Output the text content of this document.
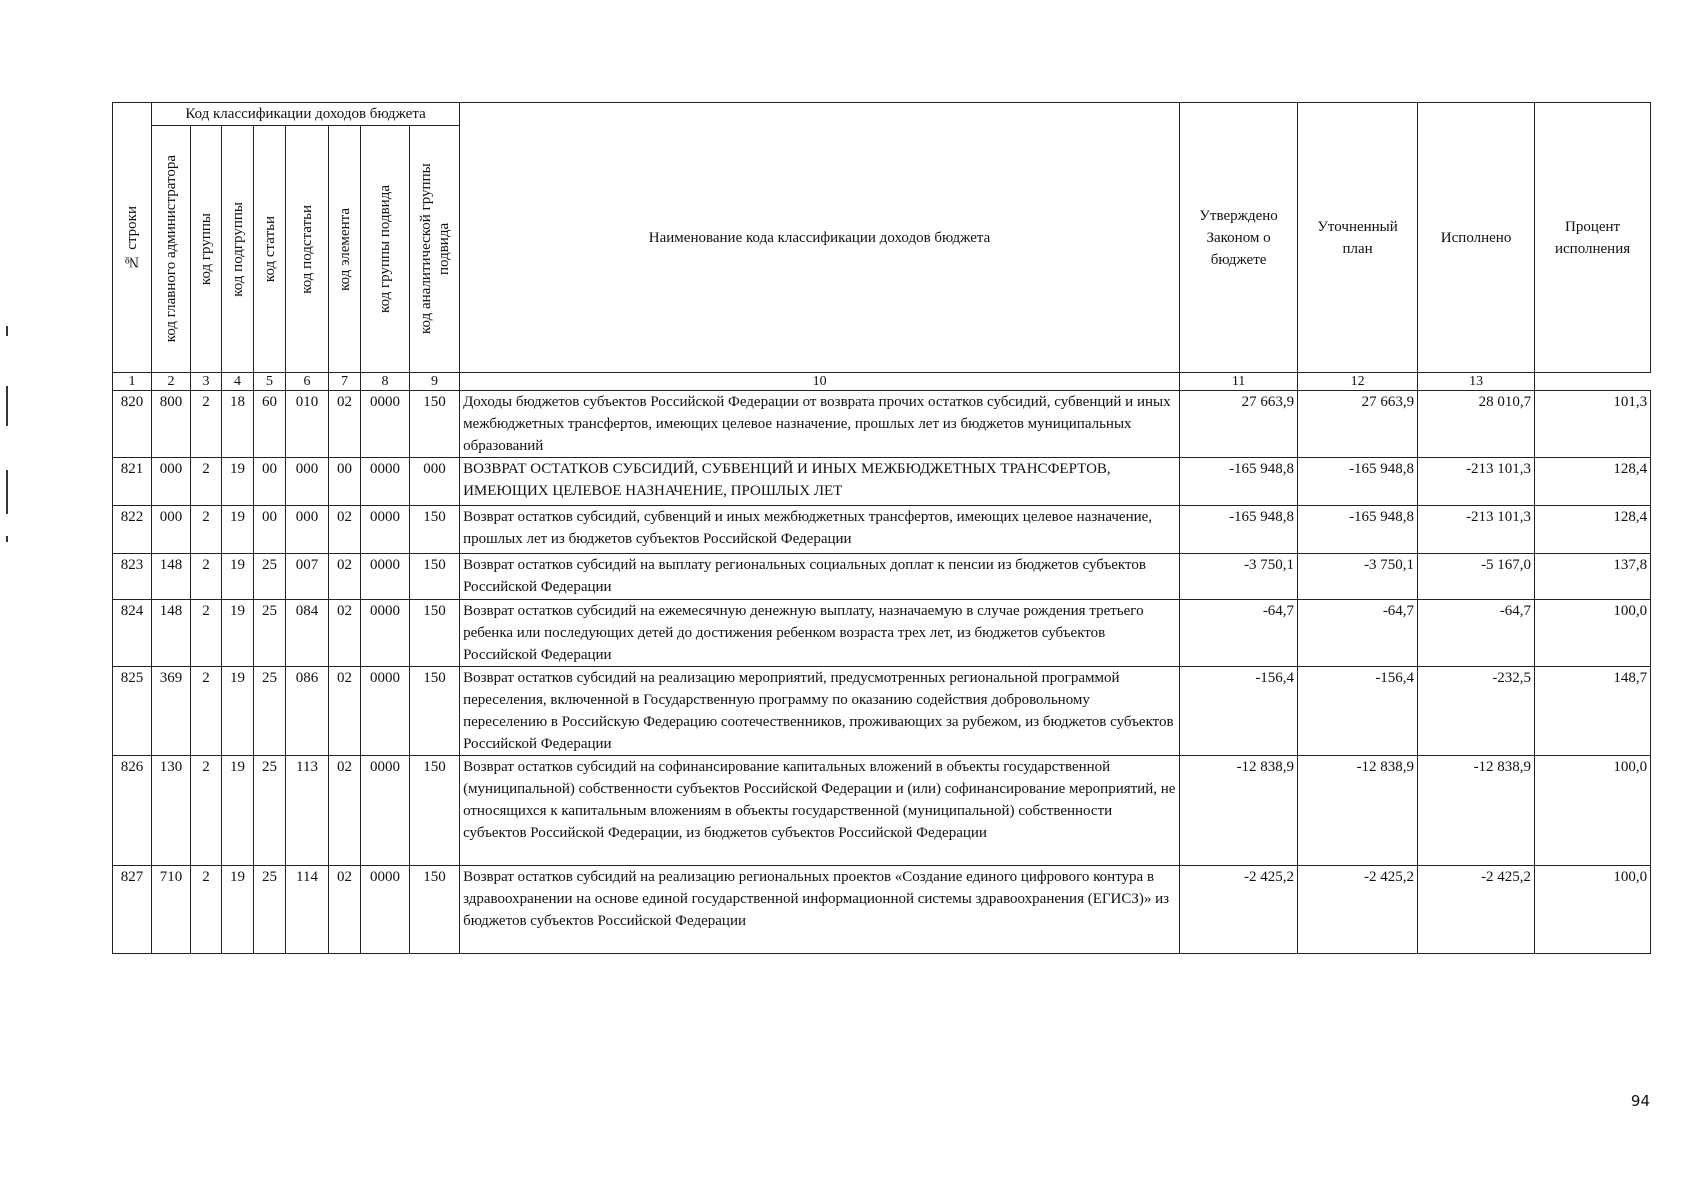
№ строки	Код классификации доходов бюджета								Наименование кода классификации доходов бюджета	Утверждено Законом о бюджете	Уточненный план	Исполнено	Процент исполнения

	код главного администратора	код группы	код подгруппы	код статьи	код подстатьи	код элемента	код группы подвида	код аналитической группы подвида					

1	2	3	4	5	6	7	8	9	10	11	12	13	
820	800	2	18	60	010	02	0000	150	Доходы бюджетов субъектов Российской Федерации от возврата прочих остатков субсидий, субвенций и иных межбюджетных трансфертов, имеющих целевое назначение, прошлых лет из бюджетов муниципальных образований	27 663,9	27 663,9	28 010,7	101,3
821	000	2	19	00	000	00	0000	000	ВОЗВРАТ ОСТАТКОВ СУБСИДИЙ, СУБВЕНЦИЙ И ИНЫХ МЕЖБЮДЖЕТНЫХ ТРАНСФЕРТОВ, ИМЕЮЩИХ ЦЕЛЕВОЕ НАЗНАЧЕНИЕ, ПРОШЛЫХ ЛЕТ	-165 948,8	-165 948,8	-213 101,3	128,4
822	000	2	19	00	000	02	0000	150	Возврат остатков субсидий, субвенций и иных межбюджетных трансфертов, имеющих целевое назначение, прошлых лет из бюджетов субъектов Российской Федерации	-165 948,8	-165 948,8	-213 101,3	128,4
823	148	2	19	25	007	02	0000	150	Возврат остатков субсидий на выплату региональных социальных доплат к пенсии из бюджетов субъектов Российской Федерации	-3 750,1	-3 750,1	-5 167,0	137,8
824	148	2	19	25	084	02	0000	150	Возврат остатков субсидий на ежемесячную денежную выплату, назначаемую в случае рождения третьего ребенка или последующих детей до достижения ребенком возраста трех лет, из бюджетов субъектов Российской Федерации	-64,7	-64,7	-64,7	100,0
825	369	2	19	25	086	02	0000	150	Возврат остатков субсидий на реализацию мероприятий, предусмотренных региональной программой переселения, включенной в Государственную программу по оказанию содействия добровольному переселению в Российскую Федерацию соотечественников, проживающих за рубежом, из бюджетов субъектов Российской Федерации	-156,4	-156,4	-232,5	148,7
826	130	2	19	25	113	02	0000	150	Возврат остатков субсидий на софинансирование капитальных вложений в объекты государственной (муниципальной) собственности субъектов Российской Федерации и (или) софинансирование мероприятий, не относящихся к капитальным вложениям в объекты государственной (муниципальной) собственности субъектов Российской Федерации, из бюджетов субъектов Российской Федерации	-12 838,9	-12 838,9	-12 838,9	100,0
827	710	2	19	25	114	02	0000	150	Возврат остатков субсидий на реализацию региональных проектов «Создание единого цифрового контура в здравоохранении на основе единой государственной информационной системы здравоохранения (ЕГИСЗ)» из бюджетов субъектов Российской Федерации	-2 425,2	-2 425,2	-2 425,2	100,0
94
